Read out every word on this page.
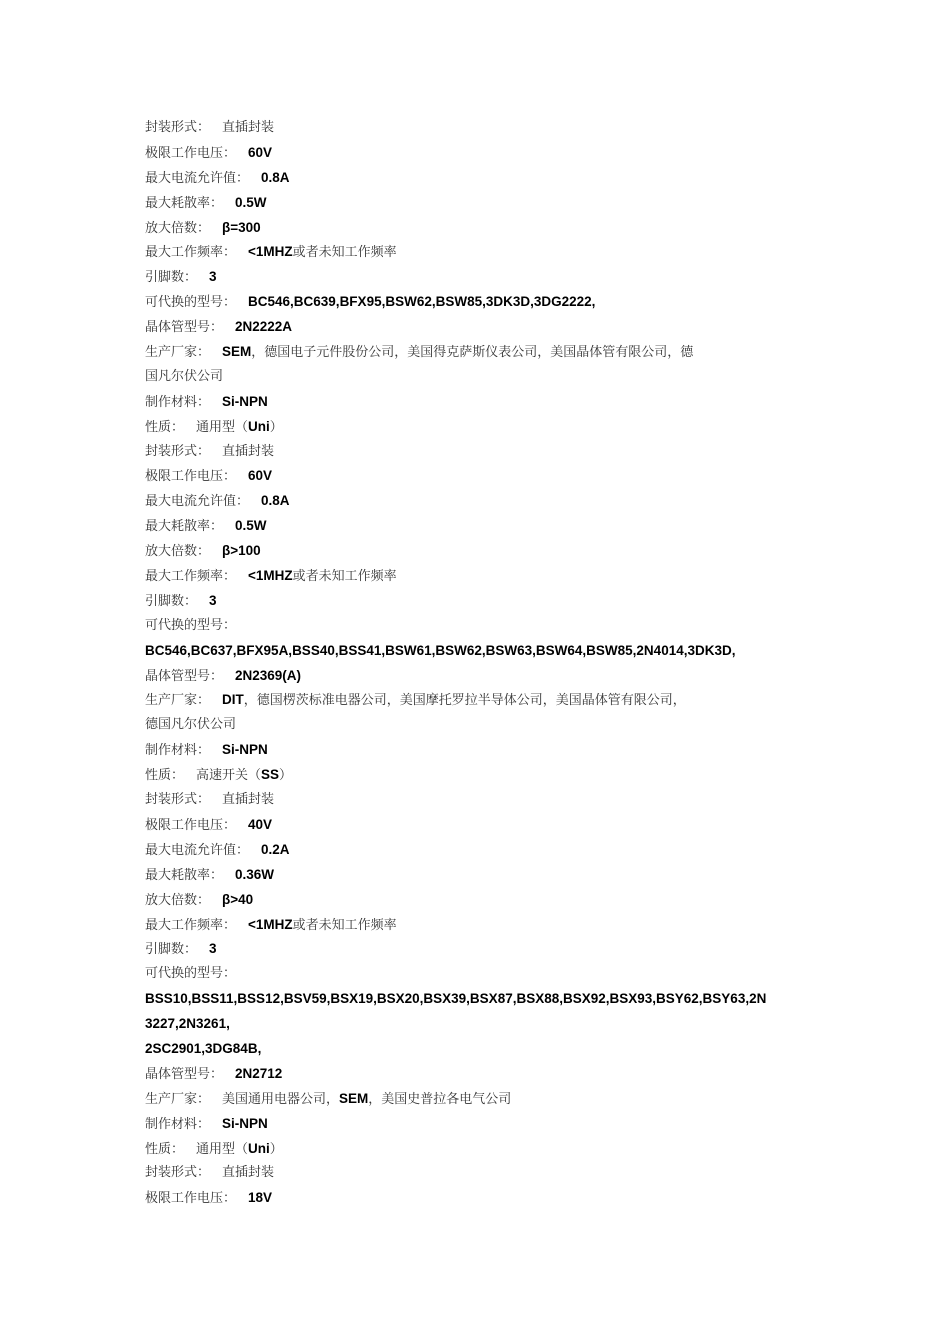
封装形式： 直插封装
极限工作电压： 60V
最大电流允许值： 0.8A
最大耗散率： 0.5W
放大倍数： β=300
最大工作频率： <1MHZ或者未知工作频率
引脚数： 3
可代换的型号： BC546,BC639,BFX95,BSW62,BSW85,3DK3D,3DG2222,
晶体管型号： 2N2222A
生产厂家： SEM，德国电子元件股份公司，美国得克萨斯仪表公司，美国晶体管有限公司，德
国凡尔伏公司
制作材料： Si-NPN
性质： 通用型（Uni）
封装形式： 直插封装
极限工作电压： 60V
最大电流允许值： 0.8A
最大耗散率： 0.5W
放大倍数： β>100
最大工作频率： <1MHZ或者未知工作频率
引脚数： 3
可代换的型号：
BC546,BC637,BFX95A,BSS40,BSS41,BSW61,BSW62,BSW63,BSW64,BSW85,2N4014,3DK3D,
晶体管型号： 2N2369(A)
生产厂家： DIT，德国楞茨标准电器公司，美国摩托罗拉半导体公司，美国晶体管有限公司，
德国凡尔伏公司
制作材料： Si-NPN
性质： 高速开关（SS）
封装形式： 直插封装
极限工作电压： 40V
最大电流允许值： 0.2A
最大耗散率： 0.36W
放大倍数： β>40
最大工作频率： <1MHZ或者未知工作频率
引脚数： 3
可代换的型号：
BSS10,BSS11,BSS12,BSV59,BSX19,BSX20,BSX39,BSX87,BSX88,BSX92,BSX93,BSY62,BSY63,2N
3227,2N3261,
2SC2901,3DG84B,
晶体管型号： 2N2712
生产厂家： 美国通用电器公司，SEM，美国史普拉各电气公司
制作材料： Si-NPN
性质： 通用型（Uni）
封装形式： 直插封装
极限工作电压： 18V
